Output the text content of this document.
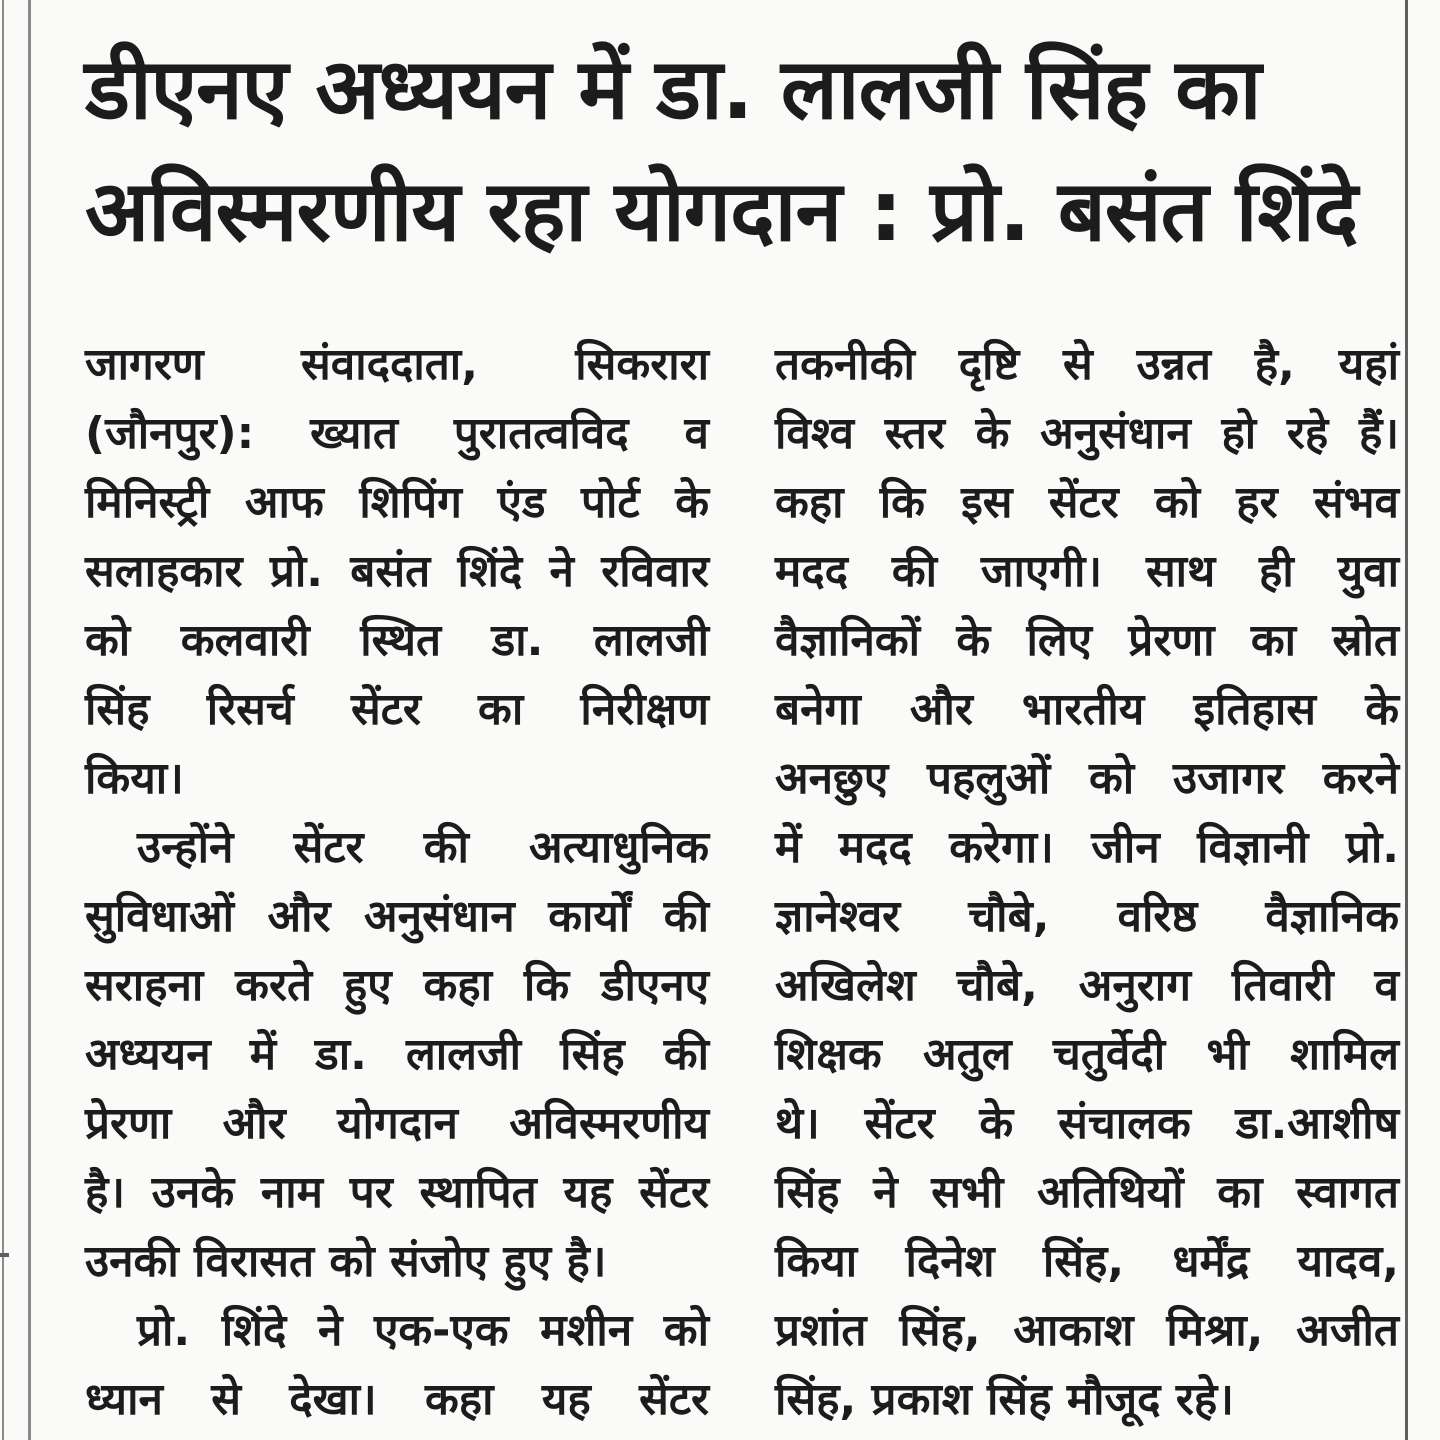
डीएनए अध्ययन में डा. लालजी सिंह का
अविस्मरणीय रहा योगदान : प्रो. बसंत शिंदे
जागरण संवाददाता, सिकरारा
(जौनपुर): ख्यात पुरातत्वविद व
मिनिस्ट्री आफ शिपिंग एंड पोर्ट के
सलाहकार प्रो. बसंत शिंदे ने रविवार
को कलवारी स्थित डा. लालजी
सिंह रिसर्च सेंटर का निरीक्षण
किया।
उन्होंने सेंटर की अत्याधुनिक
सुविधाओं और अनुसंधान कार्यों की
सराहना करते हुए कहा कि डीएनए
अध्ययन में डा. लालजी सिंह की
प्रेरणा और योगदान अविस्मरणीय
है। उनके नाम पर स्थापित यह सेंटर
उनकी विरासत को संजोए हुए है।
प्रो. शिंदे ने एक-एक मशीन को
ध्यान से देखा। कहा यह सेंटर
तकनीकी दृष्टि से उन्नत है, यहां
विश्व स्तर के अनुसंधान हो रहे हैं।
कहा कि इस सेंटर को हर संभव
मदद की जाएगी। साथ ही युवा
वैज्ञानिकों के लिए प्रेरणा का स्रोत
बनेगा और भारतीय इतिहास के
अनछुए पहलुओं को उजागर करने
में मदद करेगा। जीन विज्ञानी प्रो.
ज्ञानेश्वर चौबे, वरिष्ठ वैज्ञानिक
अखिलेश चौबे, अनुराग तिवारी व
शिक्षक अतुल चतुर्वेदी भी शामिल
थे। सेंटर के संचालक डा.आशीष
सिंह ने सभी अतिथियों का स्वागत
किया दिनेश सिंह, धर्मेंद्र यादव,
प्रशांत सिंह, आकाश मिश्रा, अजीत
सिंह, प्रकाश सिंह मौजूद रहे।
